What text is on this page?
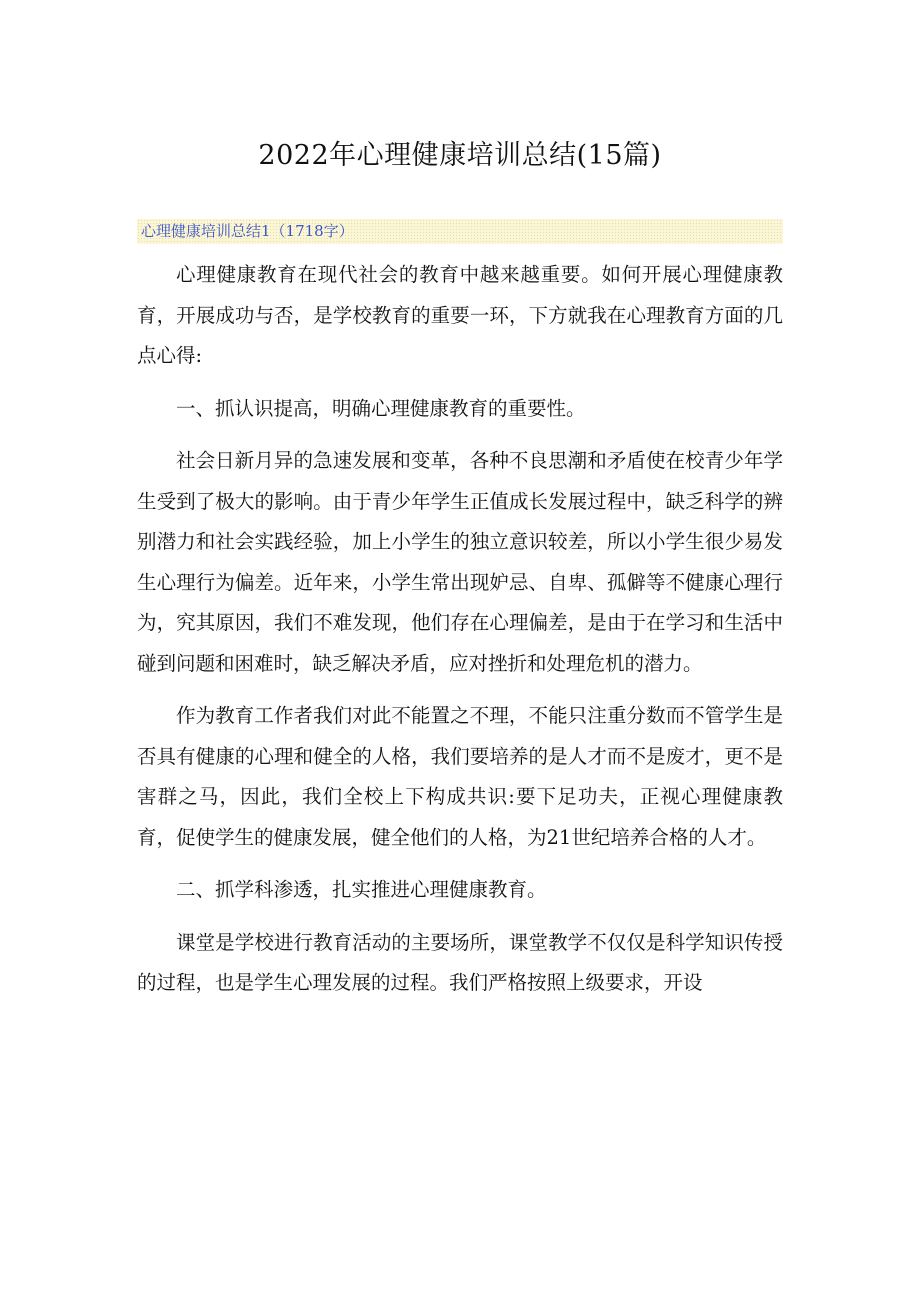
2022年心理健康培训总结(15篇)
心理健康培训总结1（1718字）

心理健康教育在现代社会的教育中越来越重要。如何开展心理健康教育，开展成功与否，是学校教育的重要一环，下方就我在心理教育方面的几点心得:

一、抓认识提高，明确心理健康教育的重要性。

社会日新月异的急速发展和变革，各种不良思潮和矛盾使在校青少年学生受到了极大的影响。由于青少年学生正值成长发展过程中，缺乏科学的辨别潜力和社会实践经验，加上小学生的独立意识较差，所以小学生很少易发生心理行为偏差。近年来，小学生常出现妒忌、自卑、孤僻等不健康心理行为，究其原因，我们不难发现，他们存在心理偏差，是由于在学习和生活中碰到问题和困难时，缺乏解决矛盾，应对挫折和处理危机的潜力。

作为教育工作者我们对此不能置之不理，不能只注重分数而不管学生是否具有健康的心理和健全的人格，我们要培养的是人才而不是废才，更不是害群之马，因此，我们全校上下构成共识:要下足功夫，正视心理健康教育，促使学生的健康发展，健全他们的人格，为21世纪培养合格的人才。

二、抓学科渗透，扎实推进心理健康教育。

课堂是学校进行教育活动的主要场所，课堂教学不仅仅是科学知识传授的过程，也是学生心理发展的过程。我们严格按照上级要求，开设
